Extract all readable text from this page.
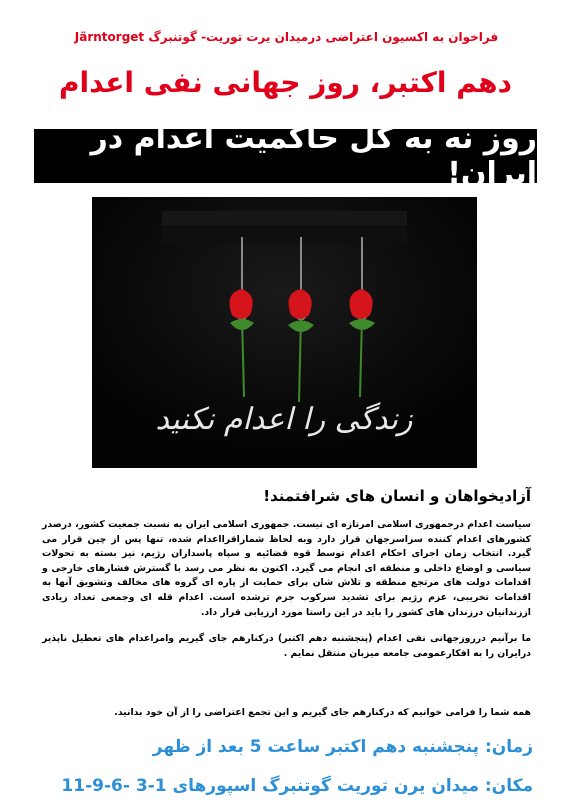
فراخوان به اکسیون اعتراضی درمیدان یرت توریت- گوتنبرگ Järntorget
دهم اکتبر، روز جهانی نفی اعدام
روز نه به کل حاکمیت اعدام در ایران!
زندگی را اعدام نکنید
آزادیخواهان و انسان های شرافتمند!
سیاست اعدام درجمهوری اسلامی امرتازه ای نیست. جمهوری اسلامی ایران به نسبت جمعیت کشور، درصدر کشورهای اعدام کننده سراسرجهان قرار دارد وبه لحاظ شماراقرااعدام شده، تنها پس از چین قرار می گیرد. انتخاب زمان اجرای احکام اعدام توسط قوه قضائیه و سپاه پاسداران رژیم، نیز بسته به تحولات سیاسی و اوضاع داخلی و منطقه ای انجام می گیرد. اکنون به نظر می رسد با گسترش فشارهای خارجی و اقدامات دولت های مرتجع منطقه و تلاش شان برای حمایت از پاره ای گروه های مخالف وتشویق آنها به اقدامات تخریبی، عزم رژیم برای تشدید سرکوب جزم ترشده است. اعدام قله ای وجمعی تعداد زیادی اززندانیان درزندان های کشور را باید در این راستا مورد ارزیابی قرار داد.
ما برآنیم درروزجهانی نفی اعدام (پنجشنبه دهم اکتبر) درکنارهم جای گیریم وامراعدام های تعطیل ناپذیر درایران را به افکارعمومی جامعه میزبان منتقل نمایم .
همه شما را فرامی خوانیم که درکنارهم جای گیریم و این تجمع اعتراضی را از آن خود بدانید.
زمان: پنجشنبه دهم اکتبر ساعت 5 بعد از ظهر
مکان: میدان یرن توریت گوتنبرگ اسپورهای 1-3 -6-9-11
